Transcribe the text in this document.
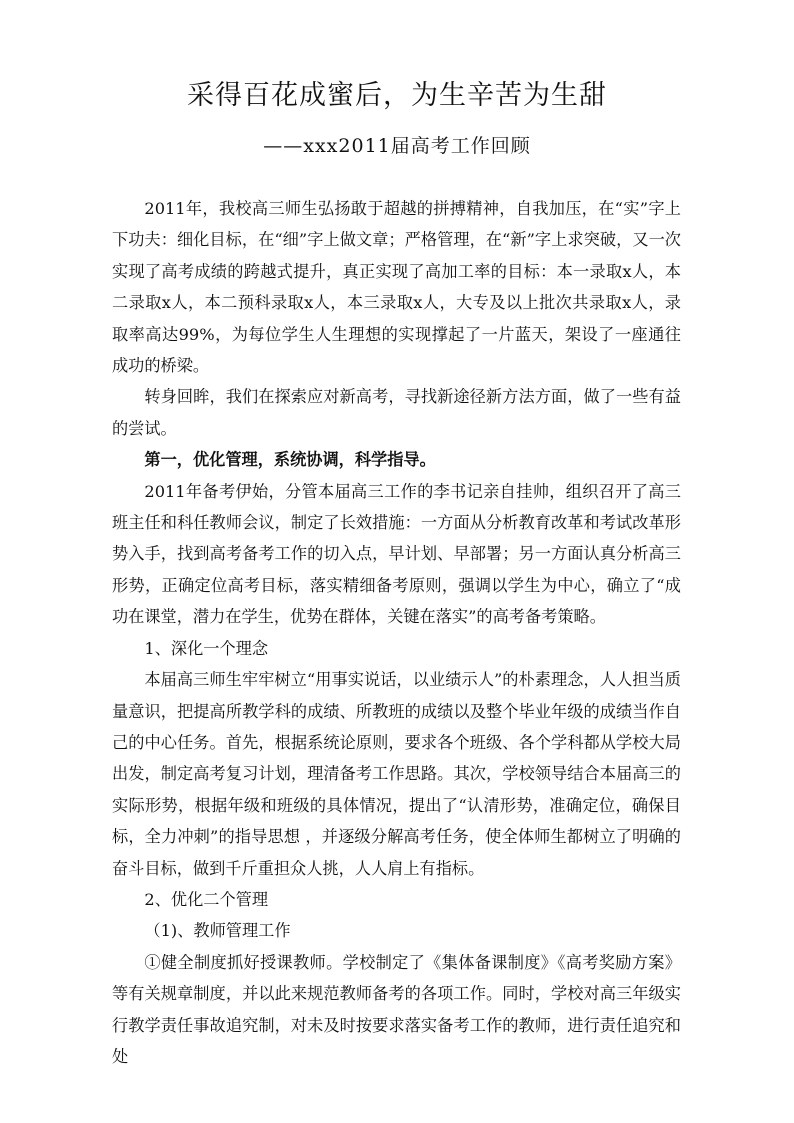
采得百花成蜜后，为生辛苦为生甜
——xxx2011届高考工作回顾

2011年，我校高三师生弘扬敢于超越的拼搏精神，自我加压，在“实”字上下功夫：细化目标，在“细”字上做文章；严格管理，在“新”字上求突破，又一次实现了高考成绩的跨越式提升，真正实现了高加工率的目标：本一录取x人，本二录取x人，本二预科录取x人，本三录取x人，大专及以上批次共录取x人，录取率高达99%，为每位学生人生理想的实现撑起了一片蓝天，架设了一座通往成功的桥梁。

转身回眸，我们在探索应对新高考，寻找新途径新方法方面，做了一些有益的尝试。

第一，优化管理，系统协调，科学指导。

2011年备考伊始，分管本届高三工作的李书记亲自挂帅，组织召开了高三班主任和科任教师会议，制定了长效措施：一方面从分析教育改革和考试改革形势入手，找到高考备考工作的切入点，早计划、早部署；另一方面认真分析高三形势，正确定位高考目标，落实精细备考原则，强调以学生为中心，确立了“成功在课堂，潜力在学生，优势在群体，关键在落实”的高考备考策略。

1、深化一个理念

本届高三师生牢牢树立“用事实说话，以业绩示人”的朴素理念，人人担当质量意识，把提高所教学科的成绩、所教班的成绩以及整个毕业年级的成绩当作自己的中心任务。首先，根据系统论原则，要求各个班级、各个学科都从学校大局出发，制定高考复习计划，理清备考工作思路。其次，学校领导结合本届高三的实际形势，根据年级和班级的具体情况，提出了“认清形势，准确定位，确保目标，全力冲刺”的指导思想 ，并逐级分解高考任务，使全体师生都树立了明确的奋斗目标，做到千斤重担众人挑，人人肩上有指标。

2、优化二个管理

（1)、教师管理工作

①健全制度抓好授课教师。学校制定了《集体备课制度》《高考奖励方案》等有关规章制度，并以此来规范教师备考的各项工作。同时，学校对高三年级实行教学责任事故追究制，对未及时按要求落实备考工作的教师，进行责任追究和处
